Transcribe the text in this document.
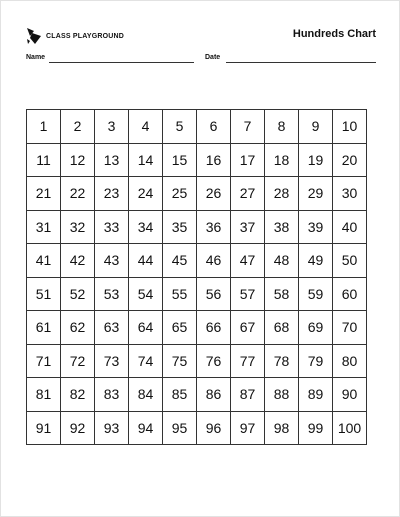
CLASS PLAYGROUND	Hundreds Chart
Name	Date
1	2	3	4	5	6	7	8	9	10
11	12	13	14	15	16	17	18	19	20
21	22	23	24	25	26	27	28	29	30
31	32	33	34	35	36	37	38	39	40
41	42	43	44	45	46	47	48	49	50
51	52	53	54	55	56	57	58	59	60
61	62	63	64	65	66	67	68	69	70
71	72	73	74	75	76	77	78	79	80
81	82	83	84	85	86	87	88	89	90
91	92	93	94	95	96	97	98	99	100
